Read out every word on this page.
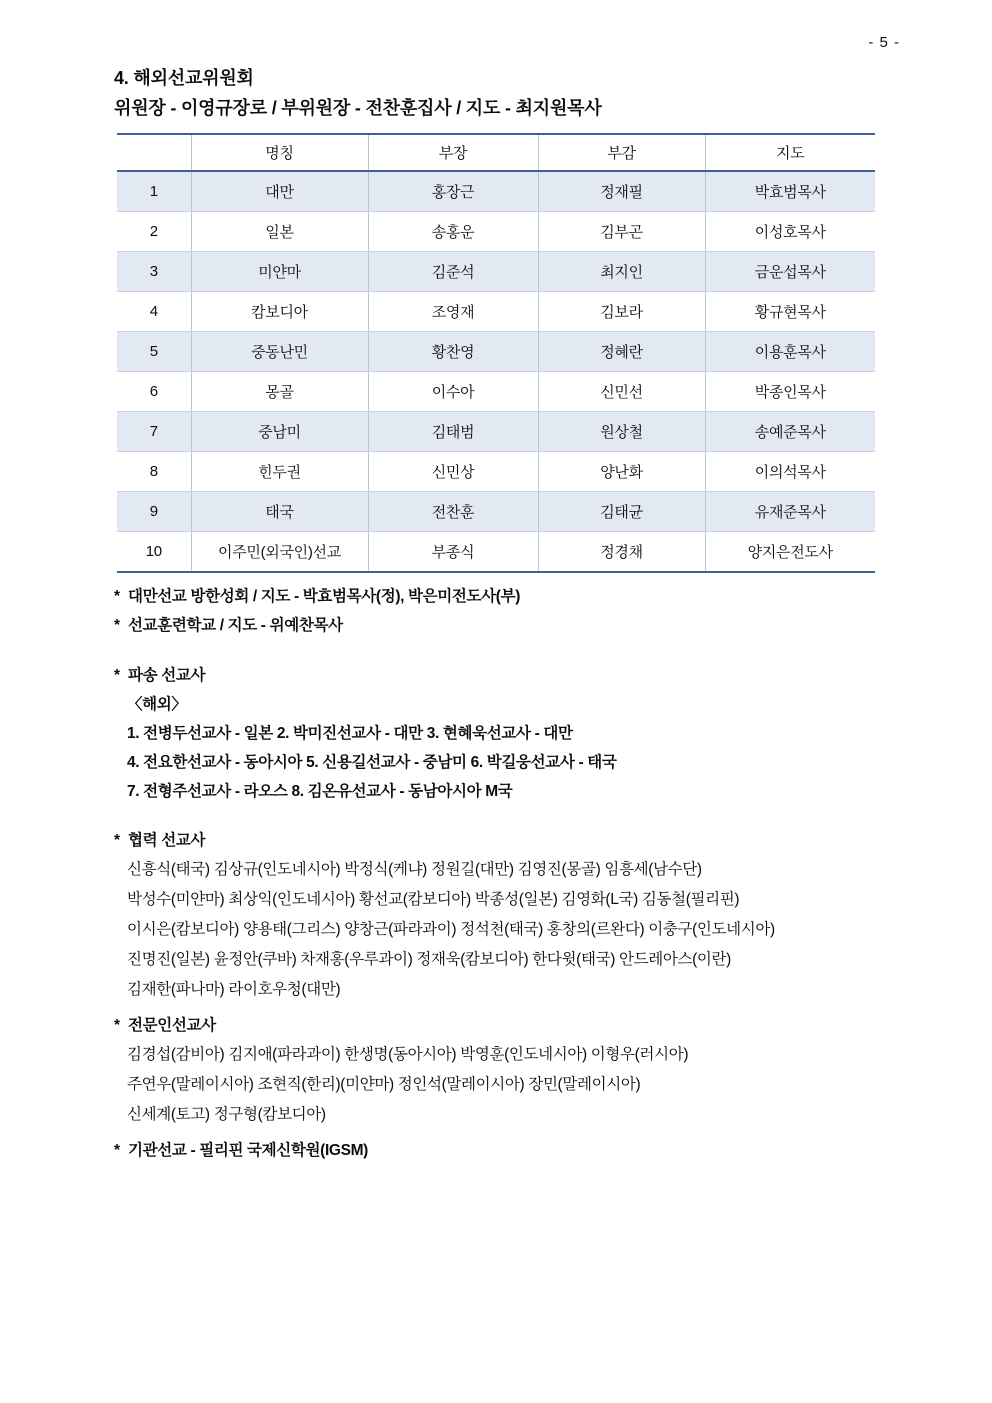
- 5 -
4. 해외선교위원회
위원장 - 이영규장로 / 부위원장 - 전찬훈집사 / 지도 - 최지원목사
	명칭	부장	부감	지도
1	대만	홍장근	정재필	박효범목사
2	일본	송홍운	김부곤	이성호목사
3	미얀마	김준석	최지인	금운섭목사
4	캄보디아	조영재	김보라	황규현목사
5	중동난민	황찬영	정혜란	이용훈목사
6	몽골	이수아	신민선	박종인목사
7	중남미	김태범	원상철	송예준목사
8	힌두권	신민상	양난화	이의석목사
9	태국	전찬훈	김태균	유재준목사
10	이주민(외국인)선교	부종식	정경채	양지은전도사

* 대만선교 방한성회 / 지도 - 박효범목사(정), 박은미전도사(부)

* 선교훈련학교 / 지도 - 위예찬목사

* 파송 선교사

〈해외〉

1. 전병두선교사 - 일본 2. 박미진선교사 - 대만 3. 현혜욱선교사 - 대만

4. 전요한선교사 - 동아시아 5. 신용길선교사 - 중남미 6. 박길웅선교사 - 태국

7. 전형주선교사 - 라오스 8. 김온유선교사 - 동남아시아 M국

* 협력 선교사

신흥식(태국) 김상규(인도네시아) 박정식(케냐) 정원길(대만) 김영진(몽골) 임흥세(남수단)

박성수(미얀마) 최상익(인도네시아) 황선교(캄보디아) 박종성(일본) 김영화(L국) 김동철(필리핀)

이시은(캄보디아) 양용태(그리스) 양창근(파라과이) 정석천(태국) 홍창의(르완다) 이충구(인도네시아)

진명진(일본) 윤정안(쿠바) 차재홍(우루과이) 정재욱(캄보디아) 한다윗(태국) 안드레아스(이란)

김재한(파나마) 라이호우청(대만)

* 전문인선교사

김경섭(감비아) 김지애(파라과이) 한생명(동아시아) 박영훈(인도네시아) 이형우(러시아)

주연우(말레이시아) 조현직(한리)(미얀마) 정인석(말레이시아) 장민(말레이시아)

신세계(토고) 정구형(캄보디아)

* 기관선교 - 필리핀 국제신학원(IGSM)
